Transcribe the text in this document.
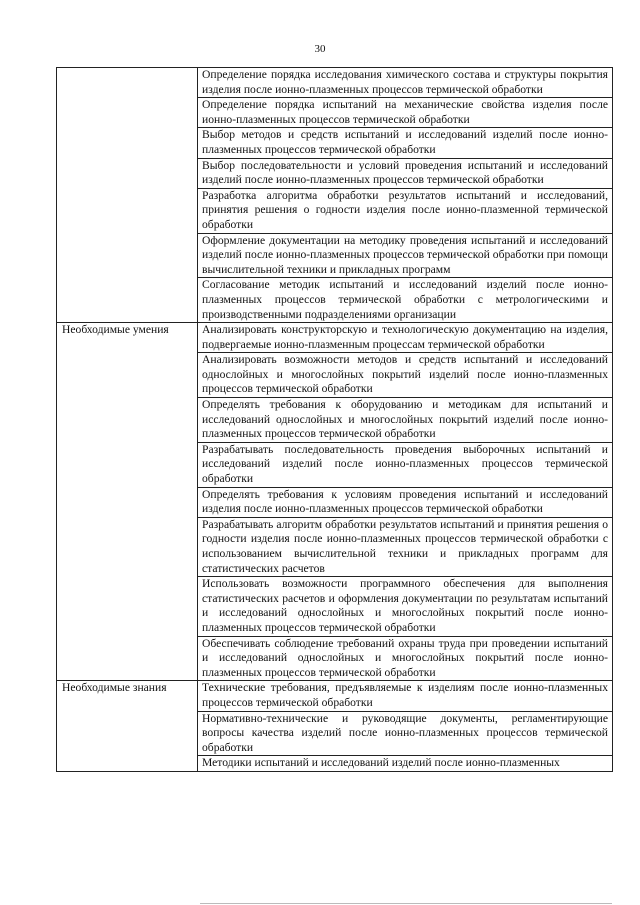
30
	Определение порядка исследования химического состава и структуры покрытия изделия после ионно-плазменных процессов термической обработки
	Определение порядка испытаний на механические свойства изделия после ионно-плазменных процессов термической обработки
	Выбор методов и средств испытаний и исследований изделий после ионно-плазменных процессов термической обработки
	Выбор последовательности и условий проведения испытаний и исследований изделий после ионно-плазменных процессов термической обработки
	Разработка алгоритма обработки результатов испытаний и исследований, принятия решения о годности изделия после ионно-плазменной термической обработки
	Оформление документации на методику проведения испытаний и исследований изделий после ионно-плазменных процессов термической обработки при помощи вычислительной техники и прикладных программ
	Согласование методик испытаний и исследований изделий после ионно-плазменных процессов термической обработки с метрологическими и производственными подразделениями организации
Необходимые умения	Анализировать конструкторскую и технологическую документацию на изделия, подвергаемые ионно-плазменным процессам термической обработки
	Анализировать возможности методов и средств испытаний и исследований однослойных и многослойных покрытий изделий после ионно-плазменных процессов термической обработки
	Определять требования к оборудованию и методикам для испытаний и исследований однослойных и многослойных покрытий изделий после ионно-плазменных процессов термической обработки
	Разрабатывать последовательность проведения выборочных испытаний и исследований изделий после ионно-плазменных процессов термической обработки
	Определять требования к условиям проведения испытаний и исследований изделия после ионно-плазменных процессов термической обработки
	Разрабатывать алгоритм обработки результатов испытаний и принятия решения о годности изделия после ионно-плазменных процессов термической обработки с использованием вычислительной техники и прикладных программ для статистических расчетов
	Использовать возможности программного обеспечения для выполнения статистических расчетов и оформления документации по результатам испытаний и исследований однослойных и многослойных покрытий после ионно-плазменных процессов термической обработки
	Обеспечивать соблюдение требований охраны труда при проведении испытаний и исследований однослойных и многослойных покрытий после ионно-плазменных процессов термической обработки
Необходимые знания	Технические требования, предъявляемые к изделиям после ионно-плазменных процессов термической обработки
	Нормативно-технические и руководящие документы, регламентирующие вопросы качества изделий после ионно-плазменных процессов термической обработки
	Методики испытаний и исследований изделий после ионно-плазменных
